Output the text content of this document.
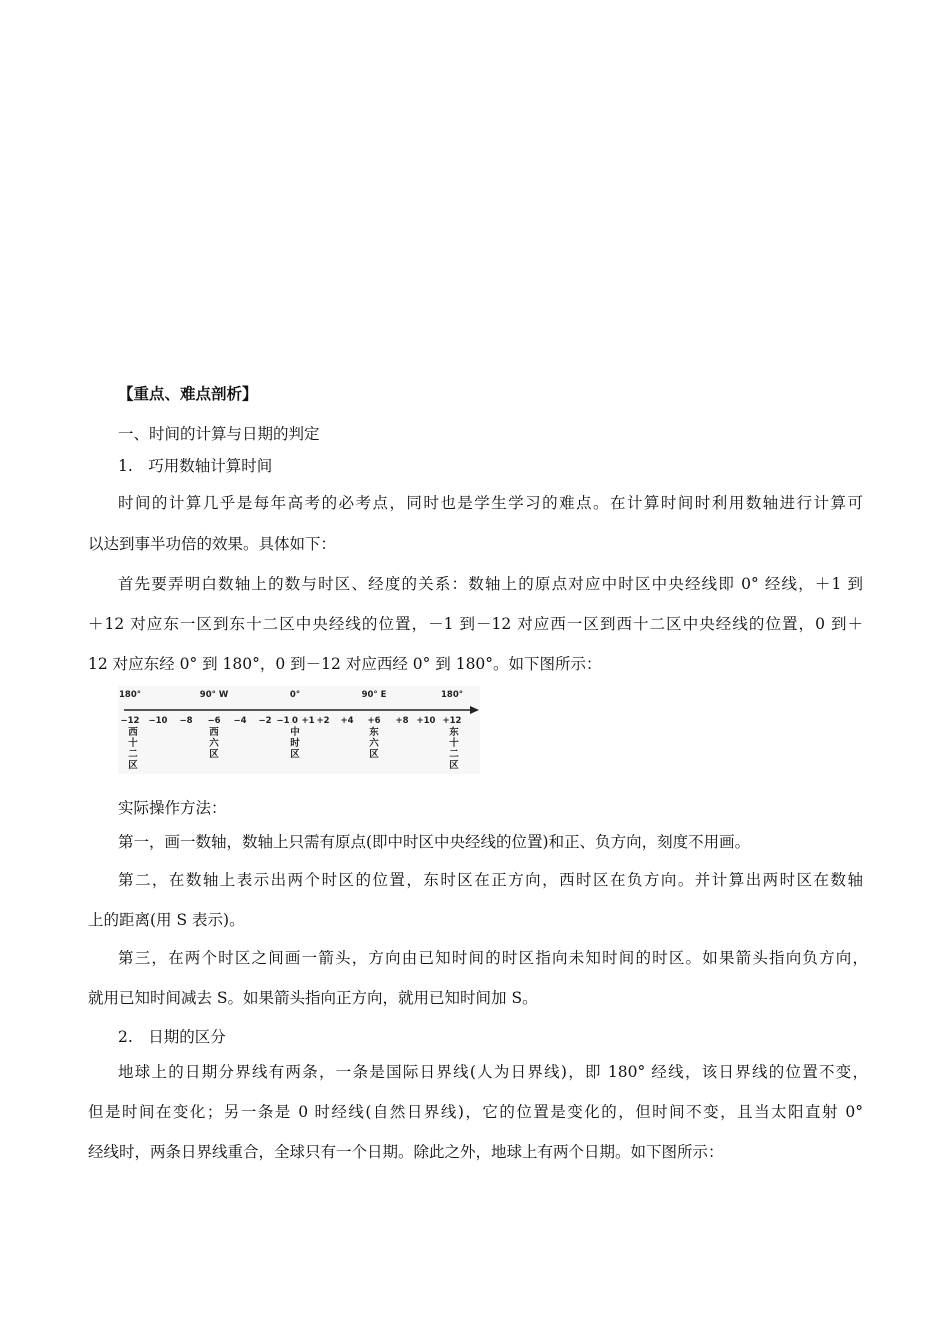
【重点、难点剖析】
一、时间的计算与日期的判定
1.　巧用数轴计算时间
时间的计算几乎是每年高考的必考点，同时也是学生学习的难点。在计算时间时利用数轴进行计算可
以达到事半功倍的效果。具体如下：
首先要弄明白数轴上的数与时区、经度的关系：数轴上的原点对应中时区中央经线即 0° 经线，＋1 到
＋12 对应东一区到东十二区中央经线的位置，－1 到－12 对应西一区到西十二区中央经线的位置，0 到＋
12 对应东经 0° 到 180°，0 到－12 对应西经 0° 到 180°。如下图所示：
180°	90° W	0°	90° E	180°
−12 −10 −8 −6 −4 −2 −1 0 +1 +2 +4 +6 +8 +10 +12
西
十
二
区
西
六
区
中
时
区
东
六
区
东
十
二
区
实际操作方法：
第一，画一数轴，数轴上只需有原点(即中时区中央经线的位置)和正、负方向，刻度不用画。
第二，在数轴上表示出两个时区的位置，东时区在正方向，西时区在负方向。并计算出两时区在数轴
上的距离(用 S 表示)。
第三，在两个时区之间画一箭头，方向由已知时间的时区指向未知时间的时区。如果箭头指向负方向，
就用已知时间减去 S。如果箭头指向正方向，就用已知时间加 S。
2.　日期的区分
地球上的日期分界线有两条，一条是国际日界线(人为日界线)，即 180° 经线，该日界线的位置不变，
但是时间在变化；另一条是 0 时经线(自然日界线)，它的位置是变化的，但时间不变，且当太阳直射 0°
经线时，两条日界线重合，全球只有一个日期。除此之外，地球上有两个日期。如下图所示：
